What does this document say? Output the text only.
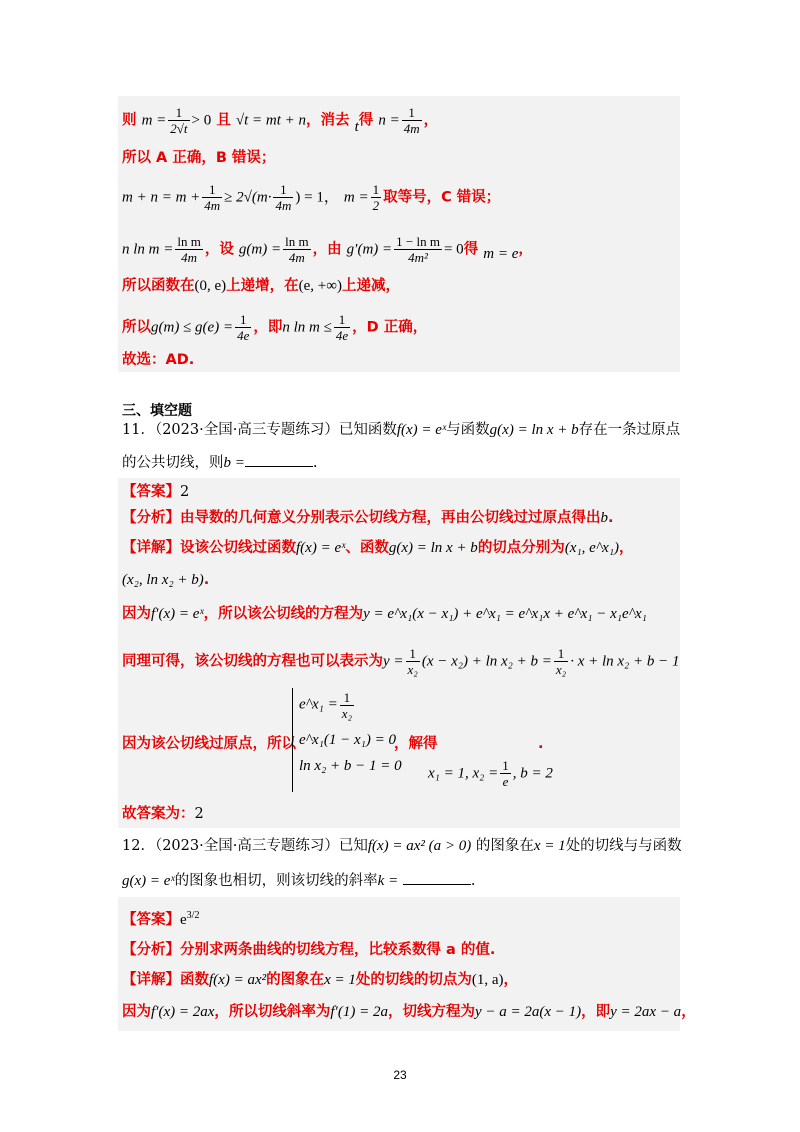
则 $m = \frac{1}{2√t} > 0$ 且 √t = mt + n，消去 t得 $n = \frac{1}{4m}$ ，
所以 A 正确，B 错误；
$m + n = m + \frac{1}{4m} \ge 2√(m\cdot \frac{1}{4m}$ ) = 1， $m = \frac{1}{2}$ 取等号，C 错误；
n $\ln m = \frac{\text{ln m}}{4m}$ ，设 $g(m) = \frac{\text{ln m}}{4m}$ ，由 $g'(m) = \frac{\text{1 − ln m}}{\text{4m²}} = 0$得 m = e，
所以函数在(0, e)上递增，在(e, +∞)上递减，
所以$g(m) \le g(e) = \frac{1}{4e}$ ，即n $\ln m \le \frac{1}{4e}$ ，D 正确，
故选：AD.
三、填空题
11．（2023·全国·高三专题练习）已知函数f(x) = eˣ与函数g(x) = ln x + b存在一条过原点
的公共切线，则b =	.
【答案】2
【分析】由导数的几何意义分别表示公切线方程，再由公切线过过原点得出b.
【详解】设该公切线过函数f(x) = eˣ、函数g(x) = ln x + b的切点分别为(x₁, e^x₁)，
(x₂, ln x₂ + b).
因为f′(x) = eˣ，所以该公切线的方程为y = e^x₁(x − x₁) + e^x₁ = e^x₁x + e^x₁ − x₁e^x₁
同理可得，该公切线的方程也可以表示为$y = \frac{1}{\text{x₂}} (x - x_2) + \ln x_2 + b = \frac{1}{\text{x₂}} \cdot x + \ln x_2 + b - 1$
因为该公切线过原点，所以
e^x₁ = $\frac{1}{\text{x₂}}$
e^x₁(1 − x₁) = 0
ln x₂ + b − 1 = 0
，解得	.
x₁ = 1, $x_2 = \frac{1}{e}$ , b = 2
故答案为：2
12．（2023·全国·高三专题练习）已知f(x) = ax² (a > 0) 的图象在x = 1处的切线与与函数
g(x) = eˣ的图象也相切，则该切线的斜率k =	.
【答案】$e^{3/2}$
【分析】分别求两条曲线的切线方程，比较系数得 a 的值.
【详解】函数f(x) = ax²的图象在x = 1处的切线的切点为(1, a)，
因为f′(x) = 2ax，所以切线斜率为f′(1) = 2a，切线方程为y − a = 2a(x − 1)，即y = 2ax − a，
23
